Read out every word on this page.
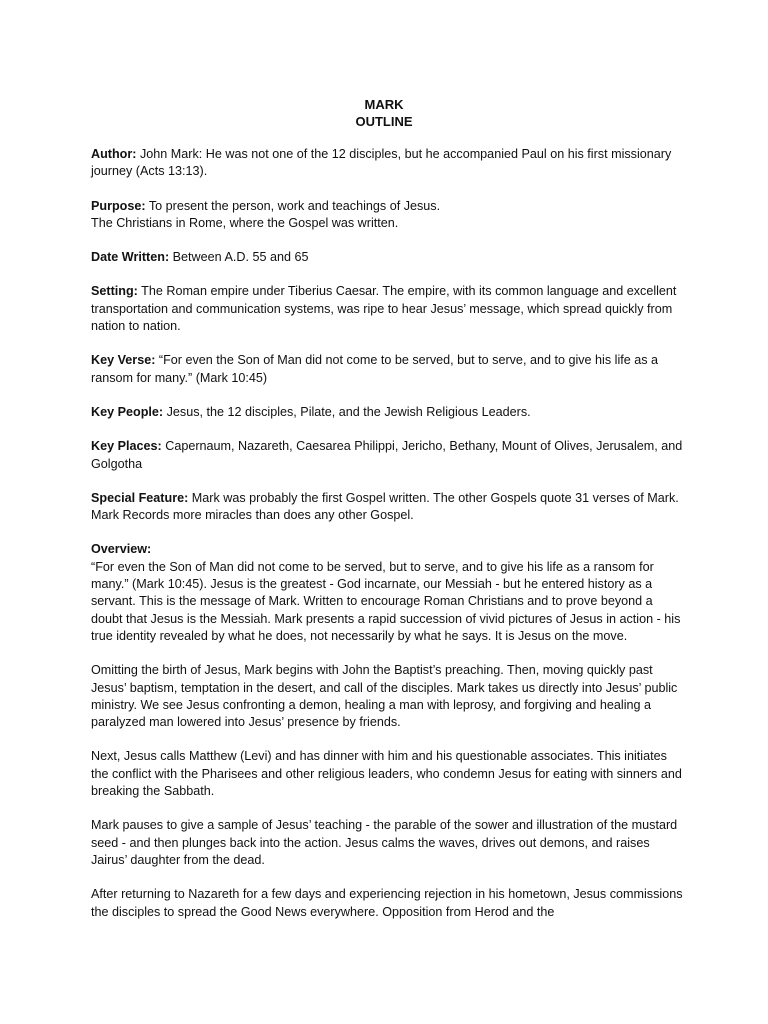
MARK
OUTLINE

Author: John Mark: He was not one of the 12 disciples, but he accompanied Paul on his first missionary journey (Acts 13:13).

Purpose: To present the person, work and teachings of Jesus.
The Christians in Rome, where the Gospel was written.

Date Written: Between A.D. 55 and 65

Setting: The Roman empire under Tiberius Caesar. The empire, with its common language and excellent transportation and communication systems, was ripe to hear Jesus’ message, which spread quickly from nation to nation.

Key Verse: “For even the Son of Man did not come to be served, but to serve, and to give his life as a ransom for many.” (Mark 10:45)

Key People: Jesus, the 12 disciples, Pilate, and the Jewish Religious Leaders.

Key Places: Capernaum, Nazareth, Caesarea Philippi, Jericho, Bethany, Mount of Olives, Jerusalem, and Golgotha

Special Feature: Mark was probably the first Gospel written. The other Gospels quote 31 verses of Mark. Mark Records more miracles than does any other Gospel.

Overview:
“For even the Son of Man did not come to be served, but to serve, and to give his life as a ransom for many.” (Mark 10:45). Jesus is the greatest - God incarnate, our Messiah - but he entered history as a servant. This is the message of Mark. Written to encourage Roman Christians and to prove beyond a doubt that Jesus is the Messiah. Mark presents a rapid succession of vivid pictures of Jesus in action - his true identity revealed by what he does, not necessarily by what he says. It is Jesus on the move.

Omitting the birth of Jesus, Mark begins with John the Baptist’s preaching. Then, moving quickly past Jesus’ baptism, temptation in the desert, and call of the disciples. Mark takes us directly into Jesus’ public ministry. We see Jesus confronting a demon, healing a man with leprosy, and forgiving and healing a paralyzed man lowered into Jesus’ presence by friends.

Next, Jesus calls Matthew (Levi) and has dinner with him and his questionable associates. This initiates the conflict with the Pharisees and other religious leaders, who condemn Jesus for eating with sinners and breaking the Sabbath.

Mark pauses to give a sample of Jesus’ teaching - the parable of the sower and illustration of the mustard seed - and then plunges back into the action. Jesus calms the waves, drives out demons, and raises Jairus’ daughter from the dead.

After returning to Nazareth for a few days and experiencing rejection in his hometown, Jesus commissions the disciples to spread the Good News everywhere. Opposition from Herod and the
